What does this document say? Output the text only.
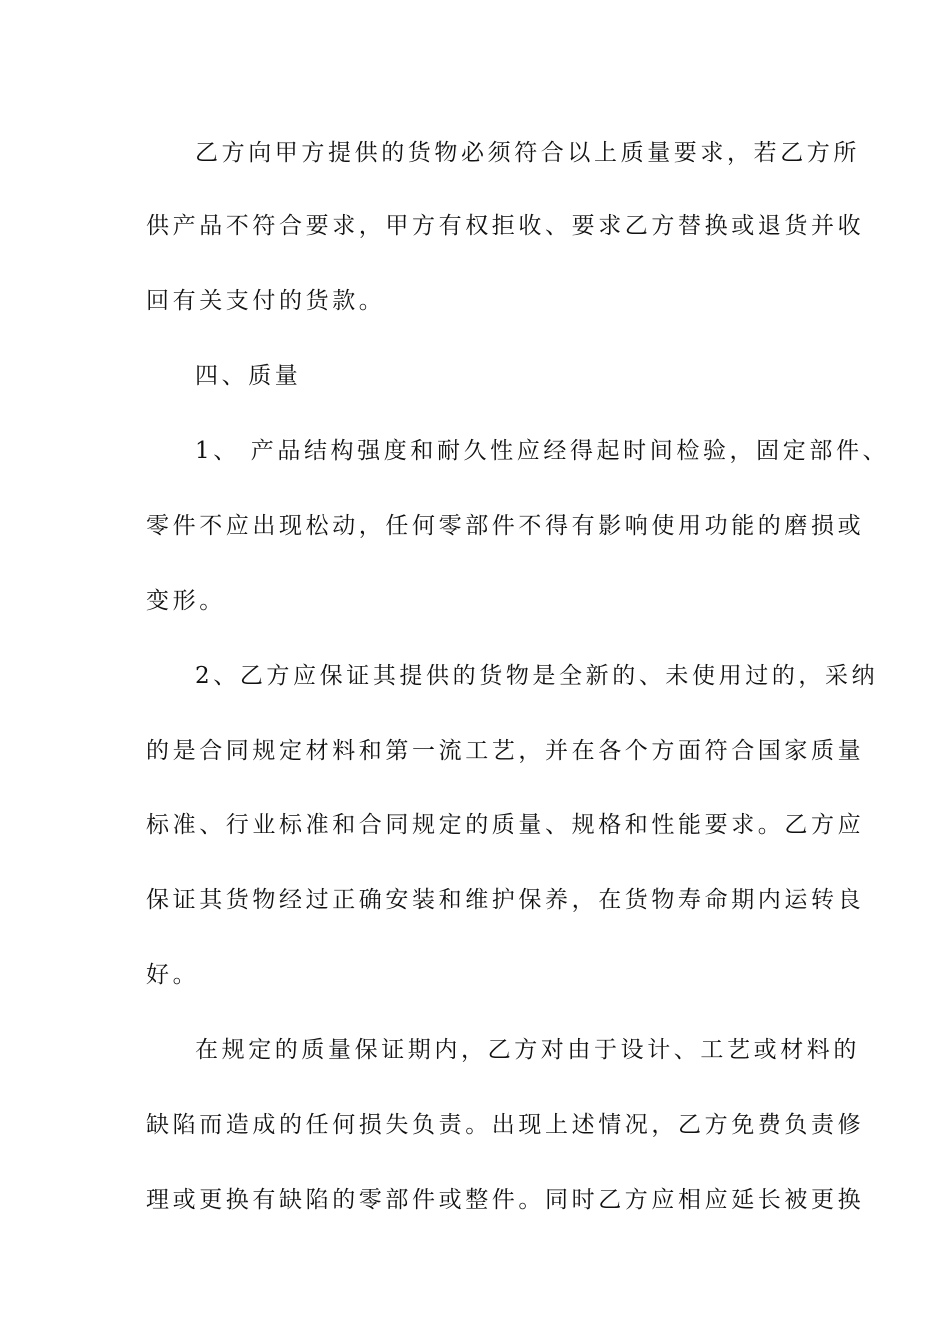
乙方向甲方提供的货物必须符合以上质量要求，若乙方所
供产品不符合要求，甲方有权拒收、要求乙方替换或退货并收
回有关支付的货款。
四、质量
1、 产品结构强度和耐久性应经得起时间检验，固定部件、
零件不应出现松动，任何零部件不得有影响使用功能的磨损或
变形。
2、乙方应保证其提供的货物是全新的、未使用过的，采纳
的是合同规定材料和第一流工艺，并在各个方面符合国家质量
标准、行业标准和合同规定的质量、规格和性能要求。乙方应
保证其货物经过正确安装和维护保养，在货物寿命期内运转良
好。
在规定的质量保证期内，乙方对由于设计、工艺或材料的
缺陷而造成的任何损失负责。出现上述情况，乙方免费负责修
理或更换有缺陷的零部件或整件。同时乙方应相应延长被更换
